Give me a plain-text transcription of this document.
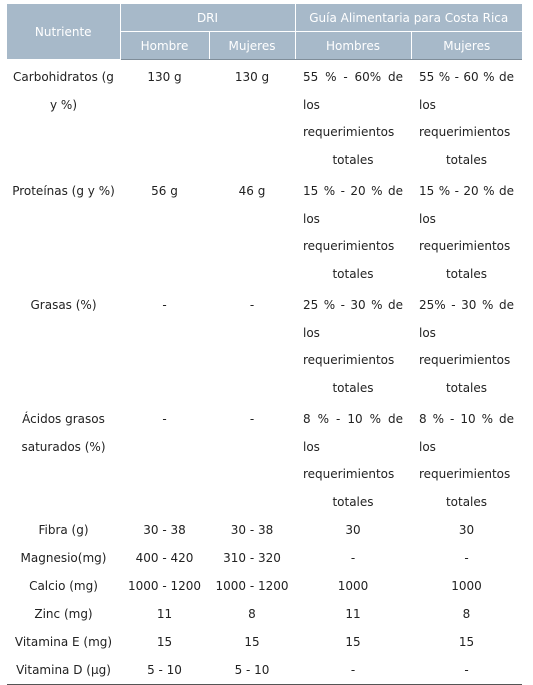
Nutriente	DRI		Guía Alimentaria para Costa Rica	
	Hombre	Mujeres	Hombres	Mujeres
Carbohidratos (g y %)	130 g	130 g	55 % - 60% de los requerimientos totales	55 % - 60 % de los requerimientos totales
Proteínas (g y %)	56 g	46 g	15 % - 20 % de los requerimientos totales	15 % - 20 % de los requerimientos totales
Grasas (%)	-	-	25 % - 30 % de los requerimientos totales	25% - 30 % de los requerimientos totales
Ácidos grasos saturados (%)	-	-	8 % - 10 % de los requerimientos totales	8 % - 10 % de los requerimientos totales
Fibra (g)	30 - 38	30 - 38	30	30
Magnesio(mg)	400 - 420	310 - 320	-	-
Calcio (mg)	1000 - 1200	1000 - 1200	1000	1000
Zinc (mg)	11	8	11	8
Vitamina E (mg)	15	15	15	15
Vitamina D (µg)	5 - 10	5 - 10	-	-
